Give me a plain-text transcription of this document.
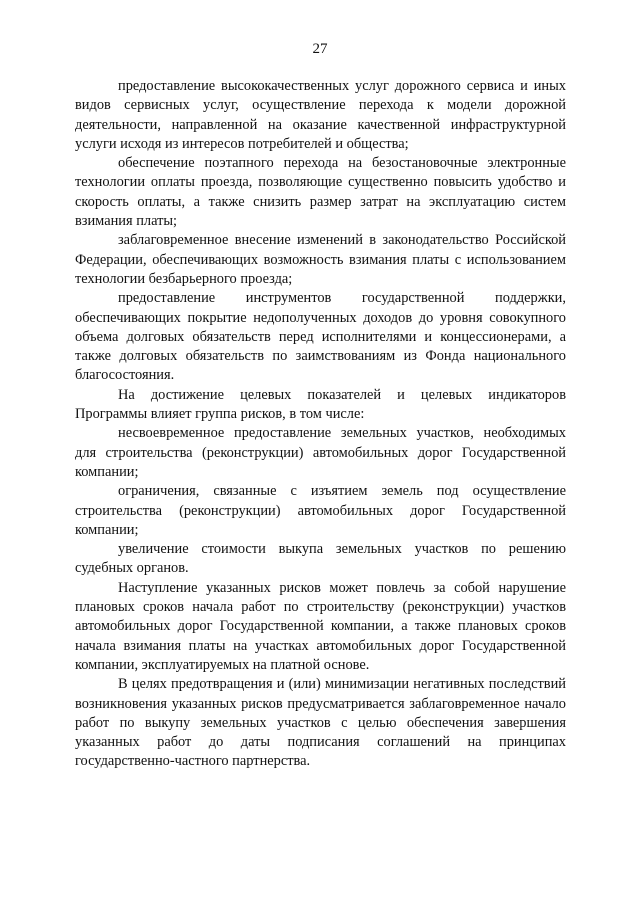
27

предоставление высококачественных услуг дорожного сервиса и иных видов сервисных услуг, осуществление перехода к модели дорожной деятельности, направленной на оказание качественной инфраструктурной услуги исходя из интересов потребителей и общества;

обеспечение поэтапного перехода на безостановочные электронные технологии оплаты проезда, позволяющие существенно повысить удобство и скорость оплаты, а также снизить размер затрат на эксплуатацию систем взимания платы;

заблаговременное внесение изменений в законодательство Российской Федерации, обеспечивающих возможность взимания платы с использованием технологии безбарьерного проезда;

предоставление инструментов государственной поддержки, обеспечивающих покрытие недополученных доходов до уровня совокупного объема долговых обязательств перед исполнителями и концессионерами, а также долговых обязательств по заимствованиям из Фонда национального благосостояния.

На достижение целевых показателей и целевых индикаторов Программы влияет группа рисков, в том числе:

несвоевременное предоставление земельных участков, необходимых для строительства (реконструкции) автомобильных дорог Государственной компании;

ограничения, связанные с изъятием земель под осуществление строительства (реконструкции) автомобильных дорог Государственной компании;

увеличение стоимости выкупа земельных участков по решению судебных органов.

Наступление указанных рисков может повлечь за собой нарушение плановых сроков начала работ по строительству (реконструкции) участков автомобильных дорог Государственной компании, а также плановых сроков начала взимания платы на участках автомобильных дорог Государственной компании, эксплуатируемых на платной основе.

В целях предотвращения и (или) минимизации негативных последствий возникновения указанных рисков предусматривается заблаговременное начало работ по выкупу земельных участков с целью обеспечения завершения указанных работ до даты подписания соглашений на принципах государственно-частного партнерства.
